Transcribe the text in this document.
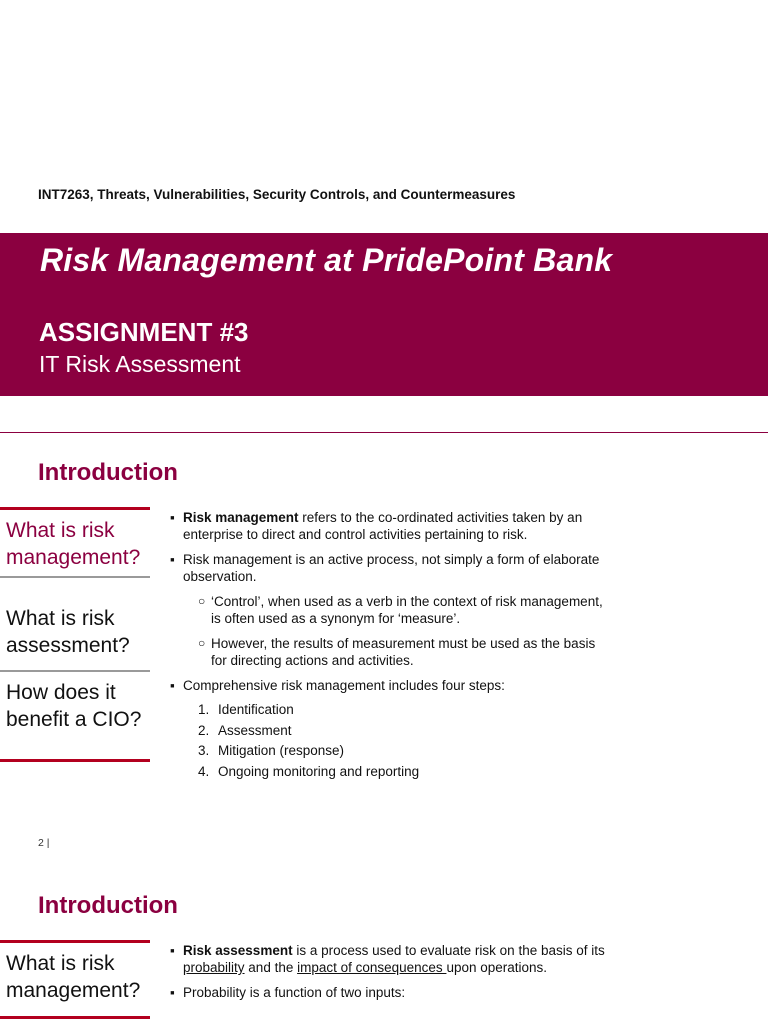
INT7263, Threats, Vulnerabilities, Security Controls, and Countermeasures
Risk Management at PridePoint Bank
ASSIGNMENT #3
IT Risk Assessment
Introduction
What is risk management?
What is risk assessment?
How does it benefit a CIO?
▪ Risk management refers to the co-ordinated activities taken by an enterprise to direct and control activities pertaining to risk.
▪ Risk management is an active process, not simply a form of elaborate observation.
○ ‘Control’, when used as a verb in the context of risk management, is often used as a synonym for ‘measure’.
○ However, the results of measurement must be used as the basis for directing actions and activities.
▪ Comprehensive risk management includes four steps:
1. Identification
2. Assessment
3. Mitigation (response)
4. Ongoing monitoring and reporting
2 |
Introduction
What is risk management?
▪ Risk assessment is a process used to evaluate risk on the basis of its probability and the impact of consequences upon operations.
▪ Probability is a function of two inputs:
